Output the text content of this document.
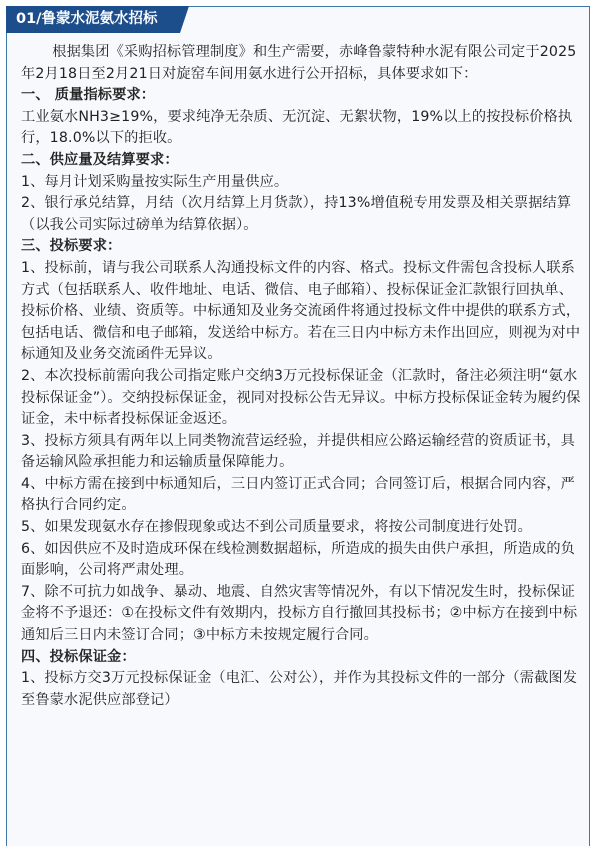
01/鲁蒙水泥氨水招标

根据集团《采购招标管理制度》和生产需要，赤峰鲁蒙特种水泥有限公司定于2025年2月18日至2月21日对旋窑车间用氨水进行公开招标，具体要求如下：

一、 质量指标要求：

工业氨水NH3≥19%，要求纯净无杂质、无沉淀、无絮状物，19%以上的按投标价格执行，18.0%以下的拒收。

二、供应量及结算要求：

1、每月计划采购量按实际生产用量供应。

2、银行承兑结算，月结（次月结算上月货款），持13%增值税专用发票及相关票据结算（以我公司实际过磅单为结算依据）。

三、投标要求：

1、投标前，请与我公司联系人沟通投标文件的内容、格式。投标文件需包含投标人联系方式（包括联系人、收件地址、电话、微信、电子邮箱）、投标保证金汇款银行回执单、投标价格、业绩、资质等。中标通知及业务交流函件将通过投标文件中提供的联系方式，包括电话、微信和电子邮箱，发送给中标方。若在三日内中标方未作出回应，则视为对中标通知及业务交流函件无异议。

2、本次投标前需向我公司指定账户交纳3万元投标保证金（汇款时，备注必须注明“氨水投标保证金”）。交纳投标保证金，视同对投标公告无异议。中标方投标保证金转为履约保证金，未中标者投标保证金返还。

3、投标方须具有两年以上同类物流营运经验，并提供相应公路运输经营的资质证书，具备运输风险承担能力和运输质量保障能力。

4、中标方需在接到中标通知后，三日内签订正式合同；合同签订后，根据合同内容，严格执行合同约定。

5、如果发现氨水存在掺假现象或达不到公司质量要求，将按公司制度进行处罚。

6、如因供应不及时造成环保在线检测数据超标，所造成的损失由供户承担，所造成的负面影响，公司将严肃处理。

7、除不可抗力如战争、暴动、地震、自然灾害等情况外，有以下情况发生时，投标保证金将不予退还：①在投标文件有效期内，投标方自行撤回其投标书；②中标方在接到中标通知后三日内未签订合同；③中标方未按规定履行合同。

四、投标保证金：

1、投标方交3万元投标保证金（电汇、公对公），并作为其投标文件的一部分（需截图发至鲁蒙水泥供应部登记）
